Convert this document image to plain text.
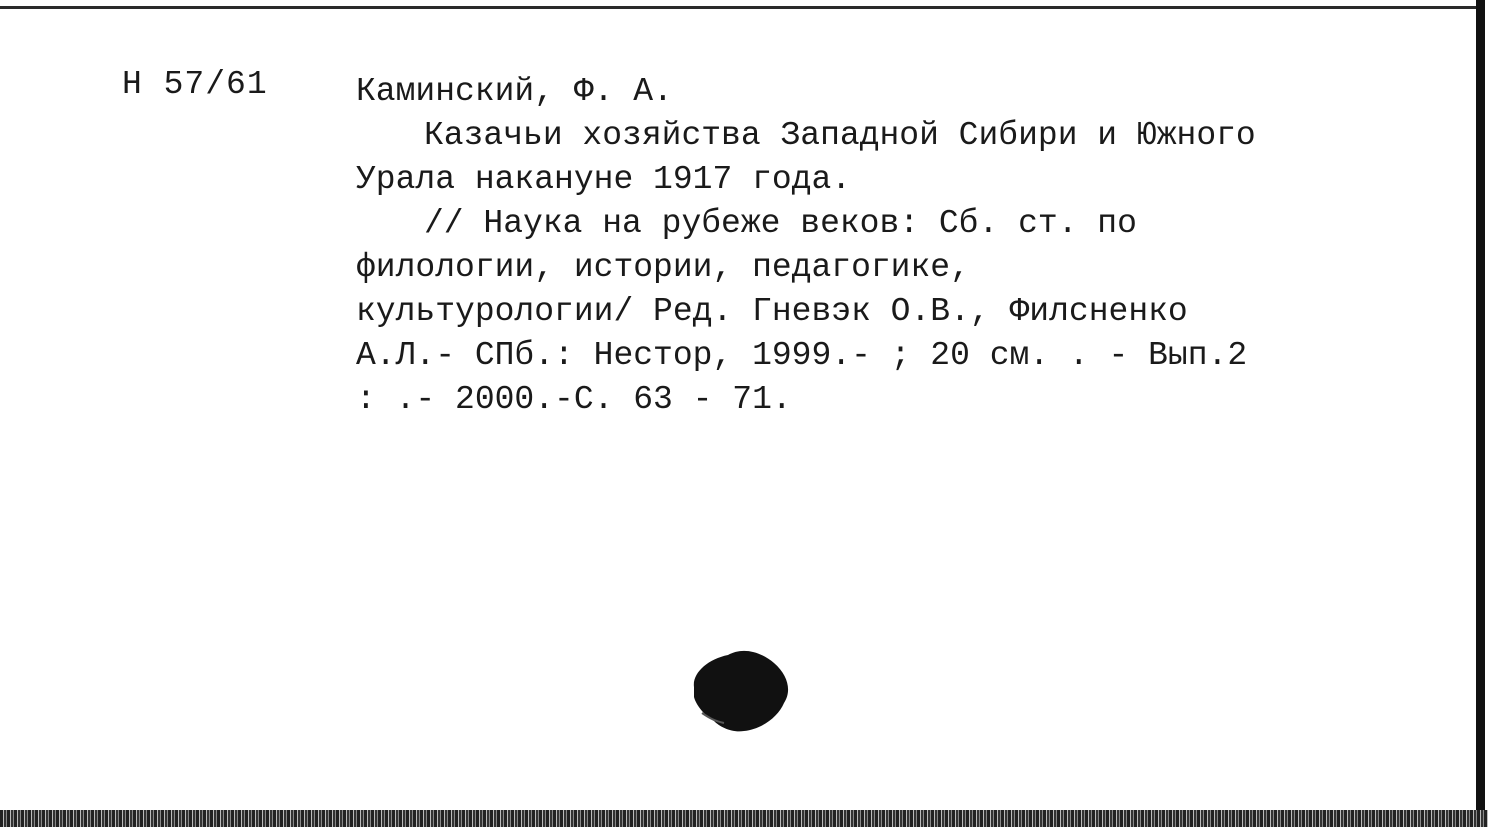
Н 57/61	Каминский, Ф. А.
Казачьи хозяйства Западной Сибири и Южного
Урала накануне 1917 года.
// Наука на рубеже веков: Сб. ст. по
филологии, истории, педагогике,
культурологии/ Ред. Гневэк О.В., Филсненко
А.Л.- СПб.: Нестор, 1999.- ; 20 см. . - Вып.2
: .- 2000.-С. 63 - 71.
